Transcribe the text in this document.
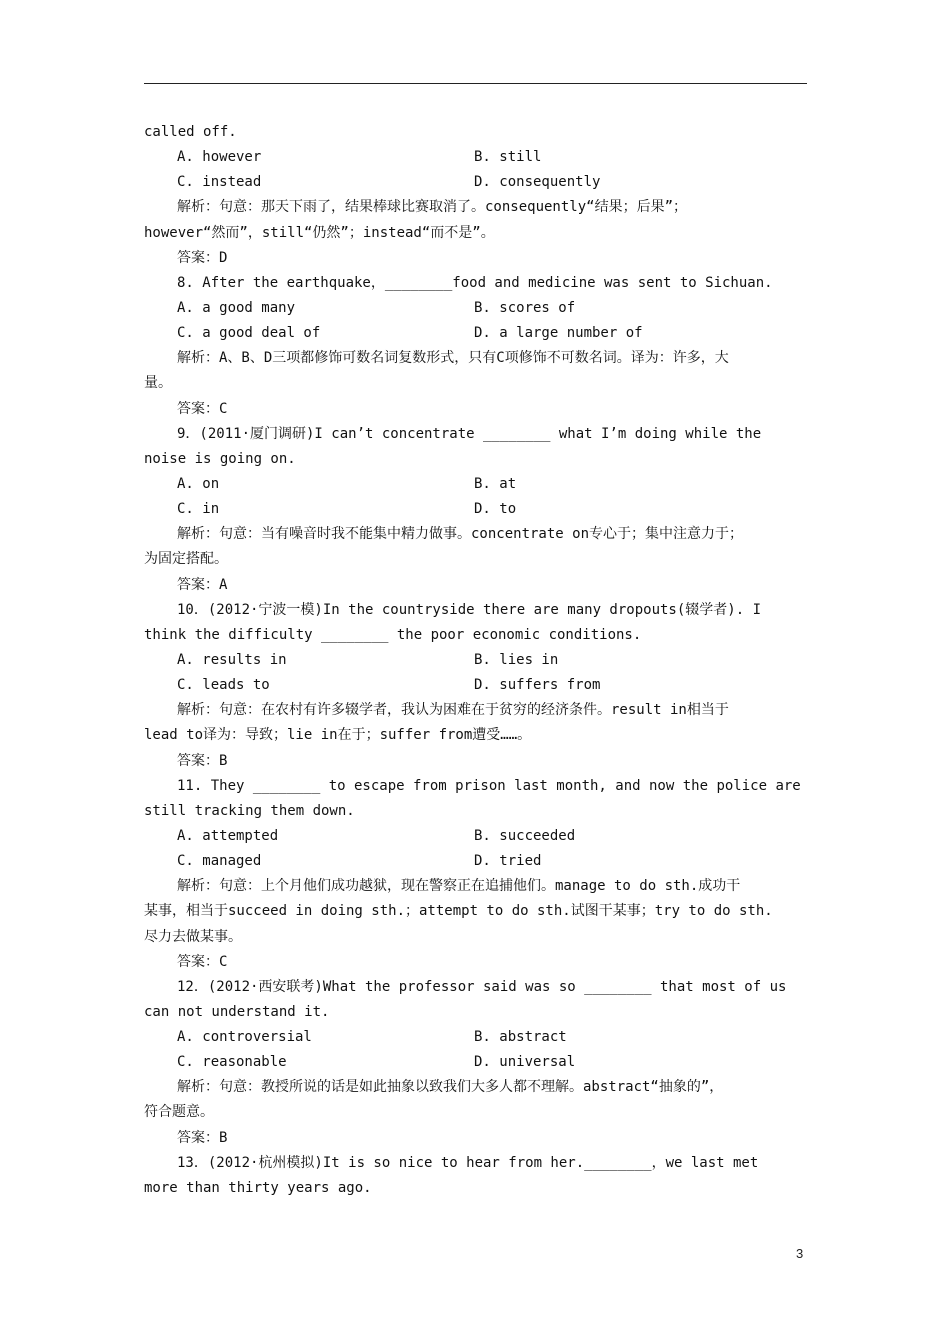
called off.
A. however	B. still
C. instead	D. consequently
解析：句意：那天下雨了，结果棒球比赛取消了。consequently“结果；后果”；
however“然而”，still“仍然”；instead“而不是”。
答案：D
8. After the earthquake，________food and medicine was sent to Sichuan.
A. a good many	B. scores of
C. a good deal of	D. a large number of
解析：A、B、D三项都修饰可数名词复数形式，只有C项修饰不可数名词。译为：许多，大
量。
答案：C
9．(2011·厦门调研)I can’t concentrate ________ what I’m doing while the
noise is going on.
A. on	B. at
C. in	D. to
解析：句意：当有噪音时我不能集中精力做事。concentrate on专心于；集中注意力于；
为固定搭配。
答案：A
10．(2012·宁波一模)In the countryside there are many dropouts(辍学者). I
think the difficulty ________ the poor economic conditions.
A. results in	B. lies in
C. leads to	D. suffers from
解析：句意：在农村有许多辍学者，我认为困难在于贫穷的经济条件。result in相当于
lead to译为：导致；lie in在于；suffer from遭受……。
答案：B
11. They ________ to escape from prison last month, and now the police are
still tracking them down.
A. attempted	B. succeeded
C. managed	D. tried
解析：句意：上个月他们成功越狱，现在警察正在追捕他们。manage to do sth.成功干
某事，相当于succeed in doing sth.；attempt to do sth.试图干某事；try to do sth.
尽力去做某事。
答案：C
12．(2012·西安联考)What the professor said was so ________ that most of us
can not understand it.
A. controversial	B. abstract
C. reasonable	D. universal
解析：句意：教授所说的话是如此抽象以致我们大多人都不理解。abstract“抽象的”，
符合题意。
答案：B
13．(2012·杭州模拟)It is so nice to hear from her.________，we last met
more than thirty years ago.
3
